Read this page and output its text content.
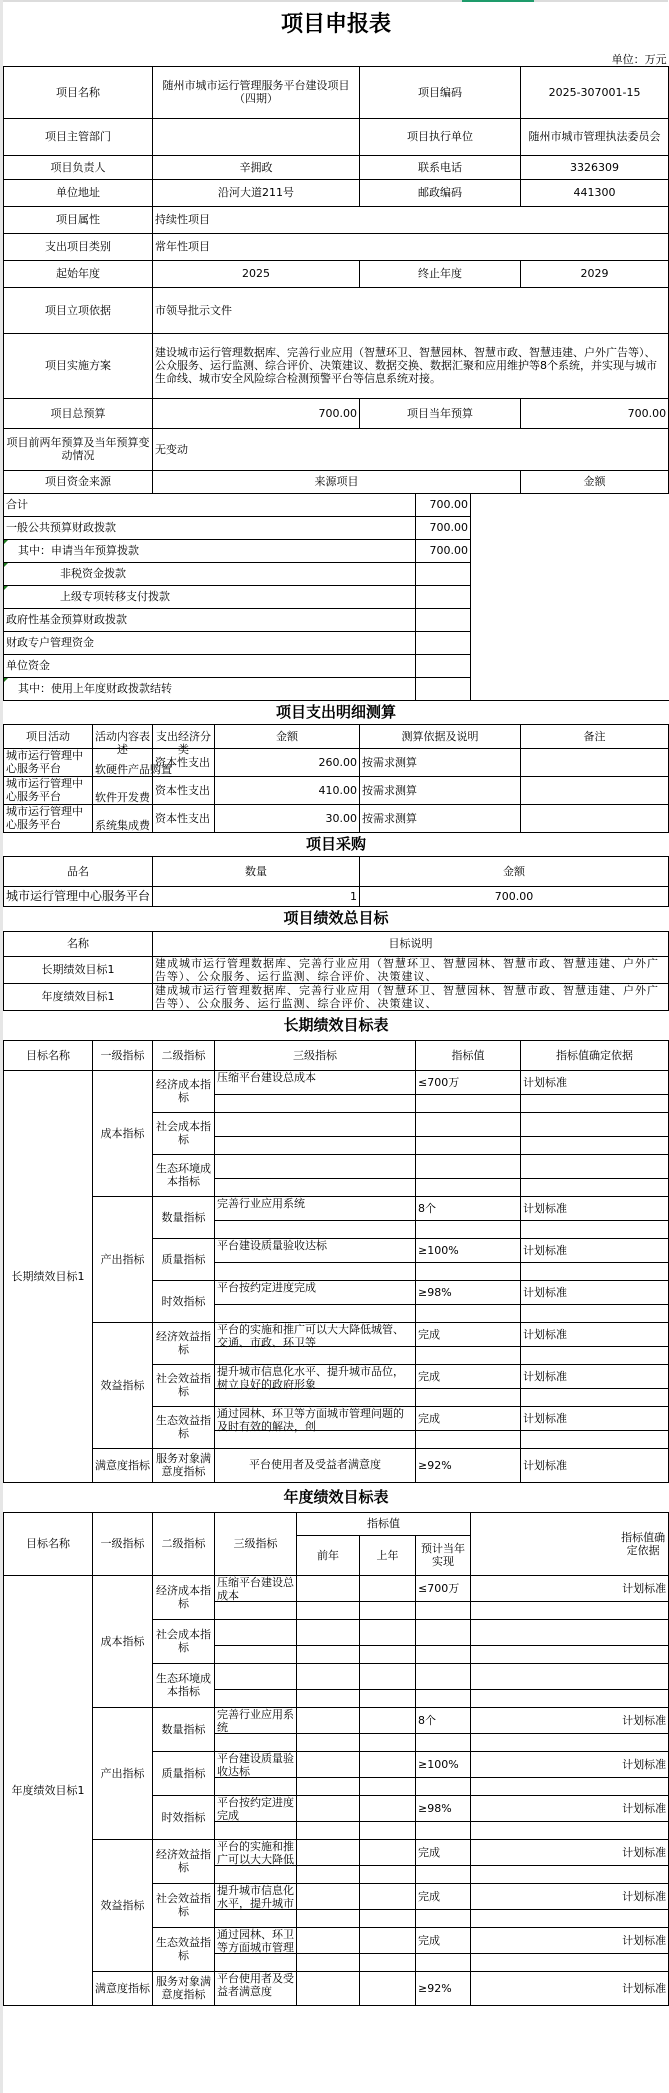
项目申报表								
单位：万元								
项目名称		随州市城市运行管理服务平台建设项目（四期）			项目编码			2025-307001-15
项目主管部门					项目执行单位			随州市城市管理执法委员会
项目负责人		辛拥政			联系电话			3326309
单位地址		沿河大道211号			邮政编码			441300
项目属性		持续性项目						
支出项目类别		常年性项目						
起始年度		2025			终止年度			2029
项目立项依据		市领导批示文件						
项目实施方案		建设城市运行管理数据库、完善行业应用（智慧环卫、智慧园林、智慧市政、智慧违建、户外广告等）、公众服务、运行监测、综合评价、决策建议、数据交换、数据汇聚和应用维护等8个系统，并实现与城市生命线、城市安全风险综合检测预警平台等信息系统对接。						
项目总预算		700.00			项目当年预算			700.00
项目前两年预算及当年预算变动情况		无变动						
项目资金来源		来源项目						金额
合计						700.00		
一般公共预算财政拨款						700.00		
其中：申请当年预算拨款						700.00		
非税资金拨款								
上级专项转移支付拨款								
政府性基金预算财政拨款								
财政专户管理资金								
单位资金								
其中：使用上年度财政拨款结转								
项目支出明细测算								

项目活动	活动内容表述	支出经济分类	金额		测算依据及说明			备注

城市运行管理中心服务平台	软硬件产品购置	资本性支出	260.00		按需求测算			

城市运行管理中心服务平台	软件开发费	资本性支出	410.00		按需求测算			

城市运行管理中心服务平台	系统集成费	资本性支出	30.00		按需求测算			
项目采购								
品名		数量			金额			
城市运行管理中心服务平台		1			700.00			
项目绩效总目标								
名称		目标说明						
长期绩效目标1		建成城市运行管理数据库、完善行业应用（智慧环卫、智慧园林、智慧市政、智慧违建、户外广告等）、公众服务、运行监测、综合评价、决策建议、						

年度绩效目标1		建成城市运行管理数据库、完善行业应用（智慧环卫、智慧园林、智慧市政、智慧违建、户外广告等）、公众服务、运行监测、综合评价、决策建议、						

长期绩效目标表								
目标名称	一级指标	二级指标	三级指标			指标值		指标值确定依据
长期绩效目标1	成本指标	经济成本指标	压缩平台建设总成本			≤700万		计划标准

		社会成本指标				

		生态环境成本指标				

	产出指标	数量指标	完善行业应用系统			8个		计划标准

		质量指标	平台建设质量验收达标			≥100%		计划标准

		时效指标	平台按约定进度完成			≥98%		计划标准

	效益指标	经济效益指标	平台的实施和推广可以大大降低城管、交通、市政、环卫等			完成		计划标准

		社会效益指标	提升城市信息化水平、提升城市品位，树立良好的政府形象			完成		计划标准

		生态效益指标	通过园林、环卫等方面城市管理问题的及时有效的解决，创			完成		计划标准

	满意度指标	服务对象满意度指标	平台使用者及受益者满意度			≥92%		计划标准
年度绩效目标表								
目标名称	一级指标	二级指标	三级指标	指标值			指标值确定依据	
				前年	上年	预计当年实现		
年度绩效目标1	成本指标	经济成本指标	压缩平台建设总成本			≤700万	计划标准	

		社会成本指标		

		生态环境成本指标		

	产出指标	数量指标	完善行业应用系统			8个	计划标准	

		质量指标	平台建设质量验收达标			≥100%	计划标准	

		时效指标	平台按约定进度完成			≥98%	计划标准	

	效益指标	经济效益指标	平台的实施和推广可以大大降低			完成	计划标准	

		社会效益指标	提升城市信息化水平，提升城市			完成	计划标准	

		生态效益指标	通过园林、环卫等方面城市管理			完成	计划标准	

	满意度指标	服务对象满意度指标	平台使用者及受益者满意度			≥92%	计划标准	
